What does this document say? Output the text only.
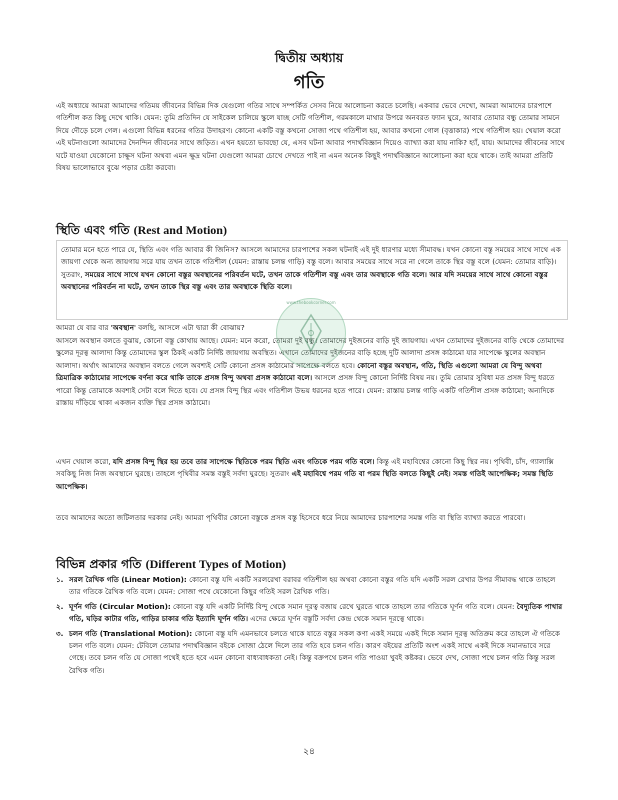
দ্বিতীয় অধ্যায়
গতি

এই অধ্যায়ে আমরা আমাদের গতিময় জীবনের বিভিন্ন দিক যেগুলো গতির সাথে সম্পর্কিত সেসব নিয়ে আলোচনা করতে চলেছি। একবার ভেবে দেখো, আমরা আমাদের চারপাশে গতিশীল কত কিছু দেখে থাকি। যেমন: তুমি প্রতিদিন যে সাইকেল চালিয়ে স্কুলে যাচ্ছ সেটি গতিশীল, গরমকালে মাথার উপরে অনবরত ফ্যান ঘুরে, আবার তোমার বন্ধু তোমার সামনে দিয়ে দৌড়ে চলে গেল। এগুলো বিভিন্ন ধরনের গতির উদাহরণ। কোনো একটি বস্তু কখনো সোজা পথে গতিশীল হয়, আবার কখনো গোল (বৃত্তাকার) পথে গতিশীল হয়। খেয়াল করো এই ঘটনাগুলো আমাদের দৈনন্দিন জীবনের সাথে জড়িত। এখন হয়তো ভাবছো যে, এসব ঘটনা আবার পদার্থবিজ্ঞান দিয়েও ব্যাখ্যা করা যায় নাকি? হ্যাঁ, যায়। আমাদের জীবনের সাথে ঘটে যাওয়া যেকোনো চাক্ষুস ঘটনা অথবা এমন ক্ষুদ্র ঘটনা যেগুলো আমরা চোখে দেখতে পাই না এমন অনেক কিছুই পদার্থবিজ্ঞানে আলোচনা করা হয়ে থাকে। তাই আমরা প্রতিটি বিষয় ভালোভাবে বুঝে পড়ার চেষ্টা করবো।

স্থিতি এবং গতি (Rest and Motion)

তোমার মনে হতে পারে যে, স্থিতি এবং গতি আবার কী জিনিস? আসলে আমাদের চারপাশের সকল ঘটনাই এই দুই ধারণার মধ্যে সীমাবদ্ধ। যখন কোনো বস্তু সময়ের সাথে সাথে এক জায়গা থেকে অন্য জায়গায় সরে যায় তখন তাকে গতিশীল (যেমন: রাস্তায় চলন্ত গাড়ি) বস্তু বলে। আবার সময়ের সাথে সরে না গেলে তাকে স্থির বস্তু বলে (যেমন: তোমার বাড়ি)। সুতরাং, সময়ের সাথে সাথে যখন কোনো বস্তুর অবস্থানের পরিবর্তন ঘটে, তখন তাকে গতিশীল বস্তু এবং তার অবস্থাকে গতি বলে। আর যদি সময়ের সাথে সাথে কোনো বস্তুর অবস্থানের পরিবর্তন না ঘটে, তখন তাকে স্থির বস্তু এবং তার অবস্থাকে স্থিতি বলে।

আমরা যে বার বার 'অবস্থান' বলছি, আসলে এটা দ্বারা কী বোঝায়?

আসলে অবস্থান বলতে বুঝায়, কোনো বস্তু কোথায় আছে। যেমন: মনে করো, তোমরা দুই বন্ধু। তোমাদের দুইজনের বাড়ি দুই জায়গায়। এখন তোমাদের দুইজনের বাড়ি থেকে তোমাদের স্কুলের দূরত্ব আলাদা কিন্তু তোমাদের স্কুল ঠিকই একটি নির্দিষ্ট জায়গায় অবস্থিত। এখানে তোমাদের দুইজনের বাড়ি হচ্ছে দুটি আলাদা প্রসঙ্গ কাঠামো যার সাপেক্ষে স্কুলের অবস্থান আলাদা। অর্থাৎ আমাদের অবস্থান বলতে গেলে অবশ্যই সেটি কোনো প্রসঙ্গ কাঠামোর সাপেক্ষে বলতে হবে। কোনো বস্তুর অবস্থান, গতি, স্থিতি এগুলো আমরা যে বিন্দু অথবা ত্রিমাত্রিক কাঠামোর সাপেক্ষে বর্ণনা করে থাকি তাকে প্রসঙ্গ বিন্দু অথবা প্রসঙ্গ কাঠামো বলে। আসলে প্রসঙ্গ বিন্দু কোনো নির্দিষ্ট বিষয় নয়। তুমি তোমার সুবিধা মত প্রসঙ্গ বিন্দু ধরতে পারো কিন্তু তোমাকে অবশ্যই সেটা বলে দিতে হবে। যে প্রসঙ্গ বিন্দু স্থির এবং গতিশীল উভয় ধরনের হতে পারে। যেমন: রাস্তায় চলন্ত গাড়ি একটি গতিশীল প্রসঙ্গ কাঠামো; অন্যদিকে রাস্তায় দাঁড়িয়ে থাকা একজন ব্যক্তি স্থির প্রসঙ্গ কাঠামো।

এখন খেয়াল করো, যদি প্রসঙ্গ বিন্দু স্থির হয় তবে তার সাপেক্ষে স্থিতিকে পরম স্থিতি এবং গতিকে পরম গতি বলে। কিন্তু এই মহাবিশ্বের কোনো কিছু স্থির নয়। পৃথিবী, চাঁদ, গ্যালাক্সি সবকিছু নিজ নিজ অবস্থানে ঘুরছে। তাহলে পৃথিবীর সমস্ত বস্তুই সর্বদা ঘুরছে। সুতরাং এই মহাবিশ্বে পরম গতি বা পরম স্থিতি বলতে কিছুই নেই। সমস্ত গতিই আপেক্ষিক; সমস্ত স্থিতি আপেক্ষিক।

তবে আমাদের অতো জটিলতার দরকার নেই। আমরা পৃথিবীর কোনো বস্তুকে প্রসঙ্গ বস্তু হিসেবে ধরে নিয়ে আমাদের চারপাশের সমস্ত গতি বা স্থিতি ব্যাখ্যা করতে পারবো।

বিভিন্ন প্রকার গতি (Different Types of Motion)
১. সরল রৈখিক গতি (Linear Motion): কোনো বস্তু যদি একটি সরলরেখা বরাবর গতিশীল হয় অথবা কোনো বস্তুর গতি যদি একটি সরল রেখার উপর সীমাবদ্ধ থাকে তাহলে তার গতিকে রৈখিক গতি বলে। যেমন: সোজা পথে যেকোনো কিছুর গতিই সরল রৈখিক গতি।
২. ঘূর্ণন গতি (Circular Motion): কোনো বস্তু যদি একটি নির্দিষ্ট বিন্দু থেকে সমান দূরত্ব বজায় রেখে ঘুরতে থাকে তাহলে তার গতিকে ঘূর্ণন গতি বলে। যেমন: বৈদ্যুতিক পাখার গতি, ঘড়ির কাটার গতি, গাড়ির চাকার গতি ইত্যাদি ঘূর্ণন গতি। এদের ক্ষেত্রে ঘূর্ণন বস্তুটি সর্বদা কেন্দ্র থেকে সমান দূরত্বে থাকে।
৩. চলন গতি (Translational Motion): কোনো বস্তু যদি এমনভাবে চলতে থাকে যাতে বস্তুর সকল কণা একই সময়ে একই দিকে সমান দূরত্ব অতিক্রম করে তাহলে ঐ গতিকে চলন গতি বলে। যেমন: টেবিলে তোমার পদার্থবিজ্ঞান বইকে সোজা ঠেলে দিলে তার গতি হবে চলন গতি। কারণ বইয়ের প্রতিটি অংশ একই সাথে একই দিকে সমানভাবে সরে গেছে। তবে চলন গতি যে সোজা পথেই হতে হবে এমন কোনো বাধ্যবাধকতা নেই। কিন্তু বক্রপথে চলন গতি পাওয়া খুবই কষ্টকর। ভেবে দেখ, সোজা পথে চলন গতি কিন্তু সরল রৈখিক গতি।
www.thebookcorner.com
২৪
